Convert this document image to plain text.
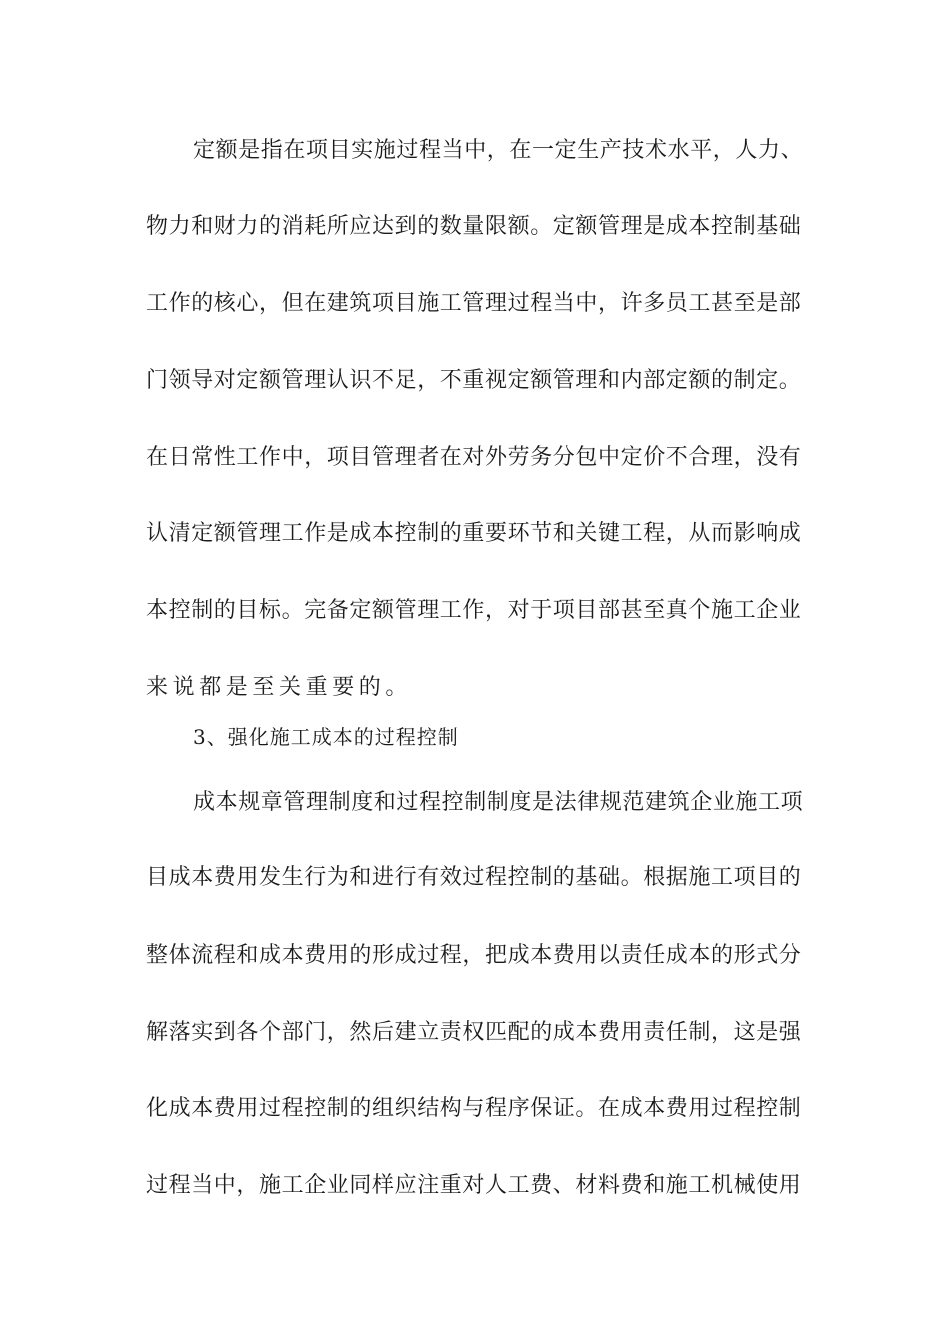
定额是指在项目实施过程当中，在一定生产技术水平，人力、
物力和财力的消耗所应达到的数量限额。定额管理是成本控制基础
工作的核心，但在建筑项目施工管理过程当中，许多员工甚至是部
门领导对定额管理认识不足，不重视定额管理和内部定额的制定。
在日常性工作中，项目管理者在对外劳务分包中定价不合理，没有
认清定额管理工作是成本控制的重要环节和关键工程，从而影响成
本控制的目标。完备定额管理工作，对于项目部甚至真个施工企业
来说都是至关重要的。
3、强化施工成本的过程控制
成本规章管理制度和过程控制制度是法律规范建筑企业施工项
目成本费用发生行为和进行有效过程控制的基础。根据施工项目的
整体流程和成本费用的形成过程，把成本费用以责任成本的形式分
解落实到各个部门，然后建立责权匹配的成本费用责任制，这是强
化成本费用过程控制的组织结构与程序保证。在成本费用过程控制
过程当中，施工企业同样应注重对人工费、材料费和施工机械使用
